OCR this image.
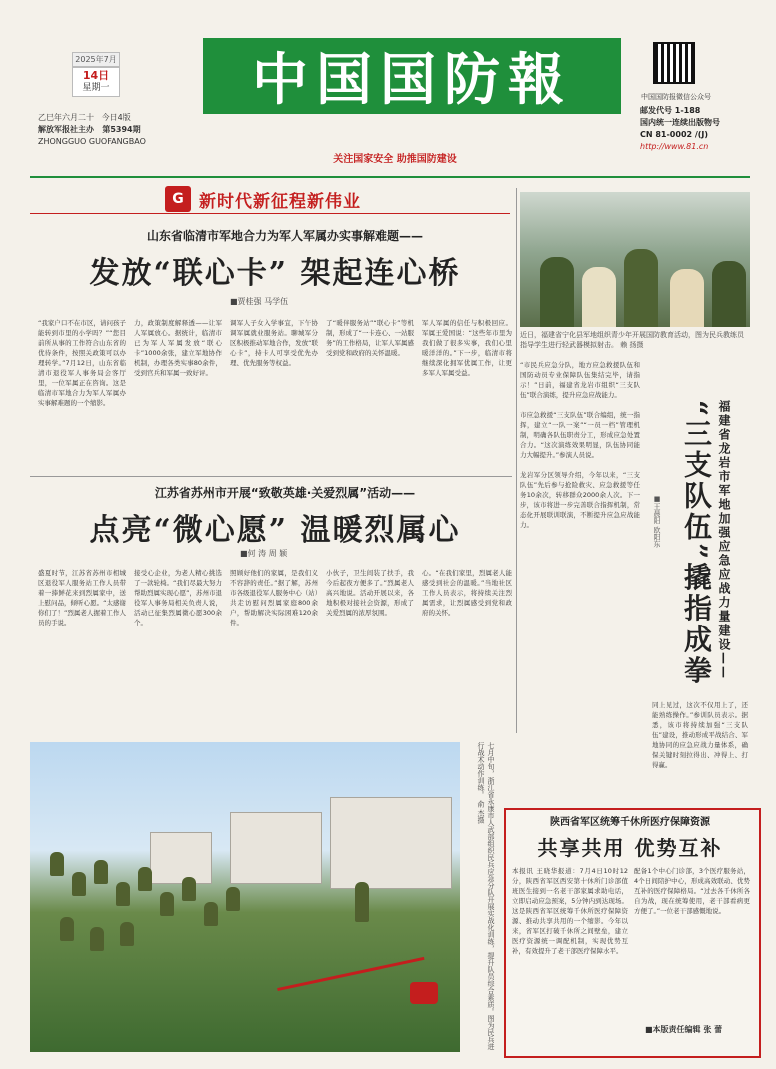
2025年7月
14日
星期一
乙巳年六月二十 今日4版
解放军报社主办 第5394期
ZHONGGUO GUOFANGBAO
中国国防報
关注国家安全 助推国防建设
中国国防报微信公众号
邮发代号 1-188
国内统一连续出版物号
CN 81-0002 /(J)
http://www.81.cn
G 新时代新征程新伟业
山东省临清市军地合力为军人军属办实事解难题——
发放“联心卡” 架起连心桥
■贾桂强 马学伍
“我家户口不在市区，请问孩子能转到市里的小学吗？”“您目前所从事的工作符合山东省的优待条件，按照关政策可以办理转学。”7月12日，山东省临清市退役军人事务局会客厅里，一位军属正在咨询。这是临清市军地合力为军人军属办实事解难题的一个缩影。
力，政策制度解释透——让军人军属放心。据统计，临清市已为军人军属发放“联心卡”1000余张，建立军地协作机制，办理各类实事80余件，受到官兵和军属一致好评。
调军人子女入学事宜，下午协调军属就业服务站。聊城军分区积极推动军地合作，发放“联心卡”，持卡人可享受优先办理、优先服务等权益。
了“暖伴服务站”“联心卡”等机制，形成了“一卡连心、一站服务”的工作格局，让军人军属感受到党和政府的关怀温暖。
军人军属的信任与积极回应。军属王爱国说：“这些年市里为我们做了很多实事，我们心里暖洋洋的。”下一步，临清市将继续深化拥军优属工作，让更多军人军属受益。
江苏省苏州市开展“致敬英雄·关爱烈属”活动——
点亮“微心愿” 温暖烈属心
■何 涛 周 颖
盛夏时节，江苏省苏州市相城区退役军人服务站工作人员带着一捧鲜花来到烈属家中，送上慰问品，倾听心愿。“太感谢你们了！”烈属老人握着工作人员的手说。
接受心企业，为老人精心挑选了一款轮椅。“我们尽最大努力帮助烈属实现心愿”，苏州市退役军人事务局相关负责人说，活动已征集烈属微心愿300余个。
照顾好他们的家属，是我们义不容辞的责任。”据了解，苏州市各级退役军人服务中心（站）共走访慰问烈属家庭800余户，帮助解决实际困难120余件。
小伙子，卫生间装了扶手，我今后起夜方便多了。”烈属老人高兴地说。活动开展以来，各地积极对接社会资源，形成了关爱烈属的浓厚氛围。
心。“在我们家里，烈属老人能感受到社会的温暖。”当地社区工作人员表示，将持续关注烈属需求，让烈属感受到党和政府的关怀。
近日，福建省宁化县军地组织青少年开展国防教育活动，图为民兵教练员指导学生进行轻武器模拟射击。 赖 扬摄
“市民兵应急分队，地方应急救援队伍和国防动员专业保障队伍集结完毕，请指示！”日前，福建省龙岩市组织“三支队伍”联合演练，提升应急应战能力。

市应急救援“三支队伍”联合编组，统一指挥，建立“一队一案”“一员一档”管理机制，明确各队伍职责分工，形成应急处置合力。“这次演练效果明显，队伍协同能力大幅提升。”参演人员说。

龙岩军分区领导介绍，今年以来，“三支队伍”先后参与抢险救灾、应急救援等任务10余次，转移群众2000余人次。下一步，该市将进一步完善联合指挥机制，常态化开展联训联演，不断提升应急应战能力。	“三支队伍”撬指成拳 福建省龙岩市军地加强应急应战力量建设——
■王晨阳 欧阳东
同上见过，这次不仅用上了，还能熟练操作。”参训队员表示。据悉，该市将持续加强“三支队伍”建设，推动形成平战结合、军地协同的应急应战力量体系，确保关键时刻拉得出、冲得上、打得赢。
七月中旬，浙江省永康市人武部组织民兵应急分队开展实战化训练，提升队员综合素质。图为民兵进行战术动作训练。 俞 杰摄	陕西省军区统筹千休所医疗保障资源
共享共用 优势互补
本报讯 王晓华报道：7月4日10时12分，陕西省军区西安第十休所门诊部值班医生接到一名老干部家属求助电话，立即启动应急预案，5分钟内到达现场。这是陕西省军区统筹千休所医疗保障资源、推动共享共用的一个缩影。今年以来，省军区打破千休所之间壁垒，建立医疗资源统一调配机制，实现优势互补，有效提升了老干部医疗保障水平。
配备1个中心门诊部，3个医疗服务站，4个日间陪护中心，形成高效联动、优势互补的医疗保障格局。“过去各千休所各自为战，现在统筹使用，老干部看病更方便了。”一位老干部感慨地说。
■本版责任编辑 张 蕾
